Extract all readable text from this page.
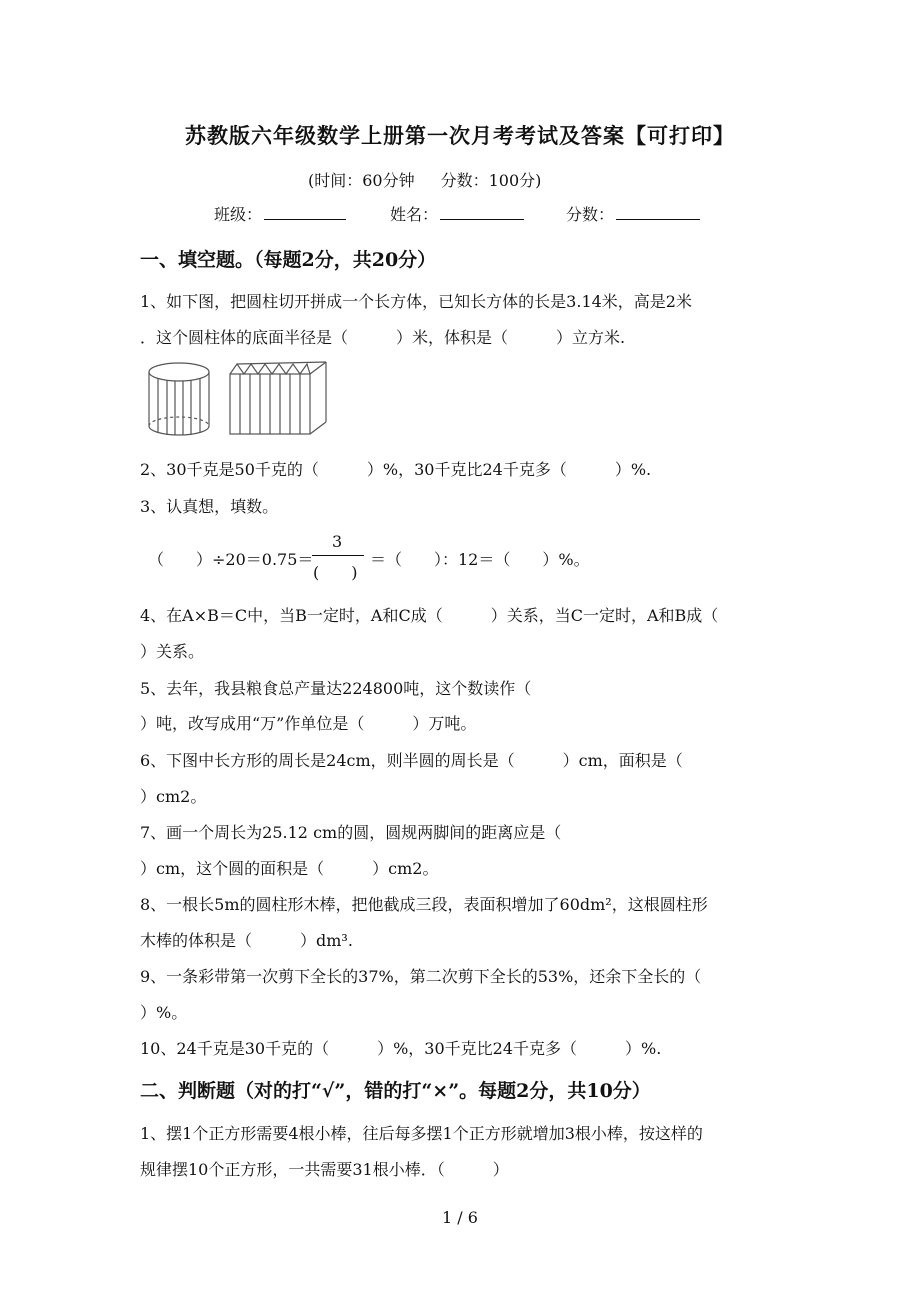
苏教版六年级数学上册第一次月考考试及答案【可打印】
(时间：60分钟 分数：100分)
班级：	姓名：	分数：
一、填空题。（每题2分，共20分）
1、如下图，把圆柱切开拼成一个长方体，已知长方体的长是3.14米，高是2米
．这个圆柱体的底面半径是（　　　）米，体积是（　　　）立方米.
2、30千克是50千克的（　　　）%，30千克比24千克多（　　　）%.
3、认真想，填数。
（　　）÷20＝0.75＝
3
(　　)
＝（　　）：12＝（　　）%。
4、在A×B＝C中，当B一定时，A和C成（　　　）关系，当C一定时，A和B成（
）关系。
5、去年，我县粮食总产量达224800吨，这个数读作（
）吨，改写成用“万”作单位是（　　　）万吨。
6、下图中长方形的周长是24cm，则半圆的周长是（　　　）cm，面积是（
）cm2。
7、画一个周长为25.12 cm的圆，圆规两脚间的距离应是（
）cm，这个圆的面积是（　　　）cm2。
8、一根长5m的圆柱形木棒，把他截成三段，表面积增加了60dm²，这根圆柱形
木棒的体积是（　　　）dm³.
9、一条彩带第一次剪下全长的37%，第二次剪下全长的53%，还余下全长的（
）%。
10、24千克是30千克的（　　　）%，30千克比24千克多（　　　）%.
二、判断题（对的打“√”，错的打“×”。每题2分，共10分）
1、摆1个正方形需要4根小棒，往后每多摆1个正方形就增加3根小棒，按这样的
规律摆10个正方形，一共需要31根小棒．（　　　）
1 / 6
